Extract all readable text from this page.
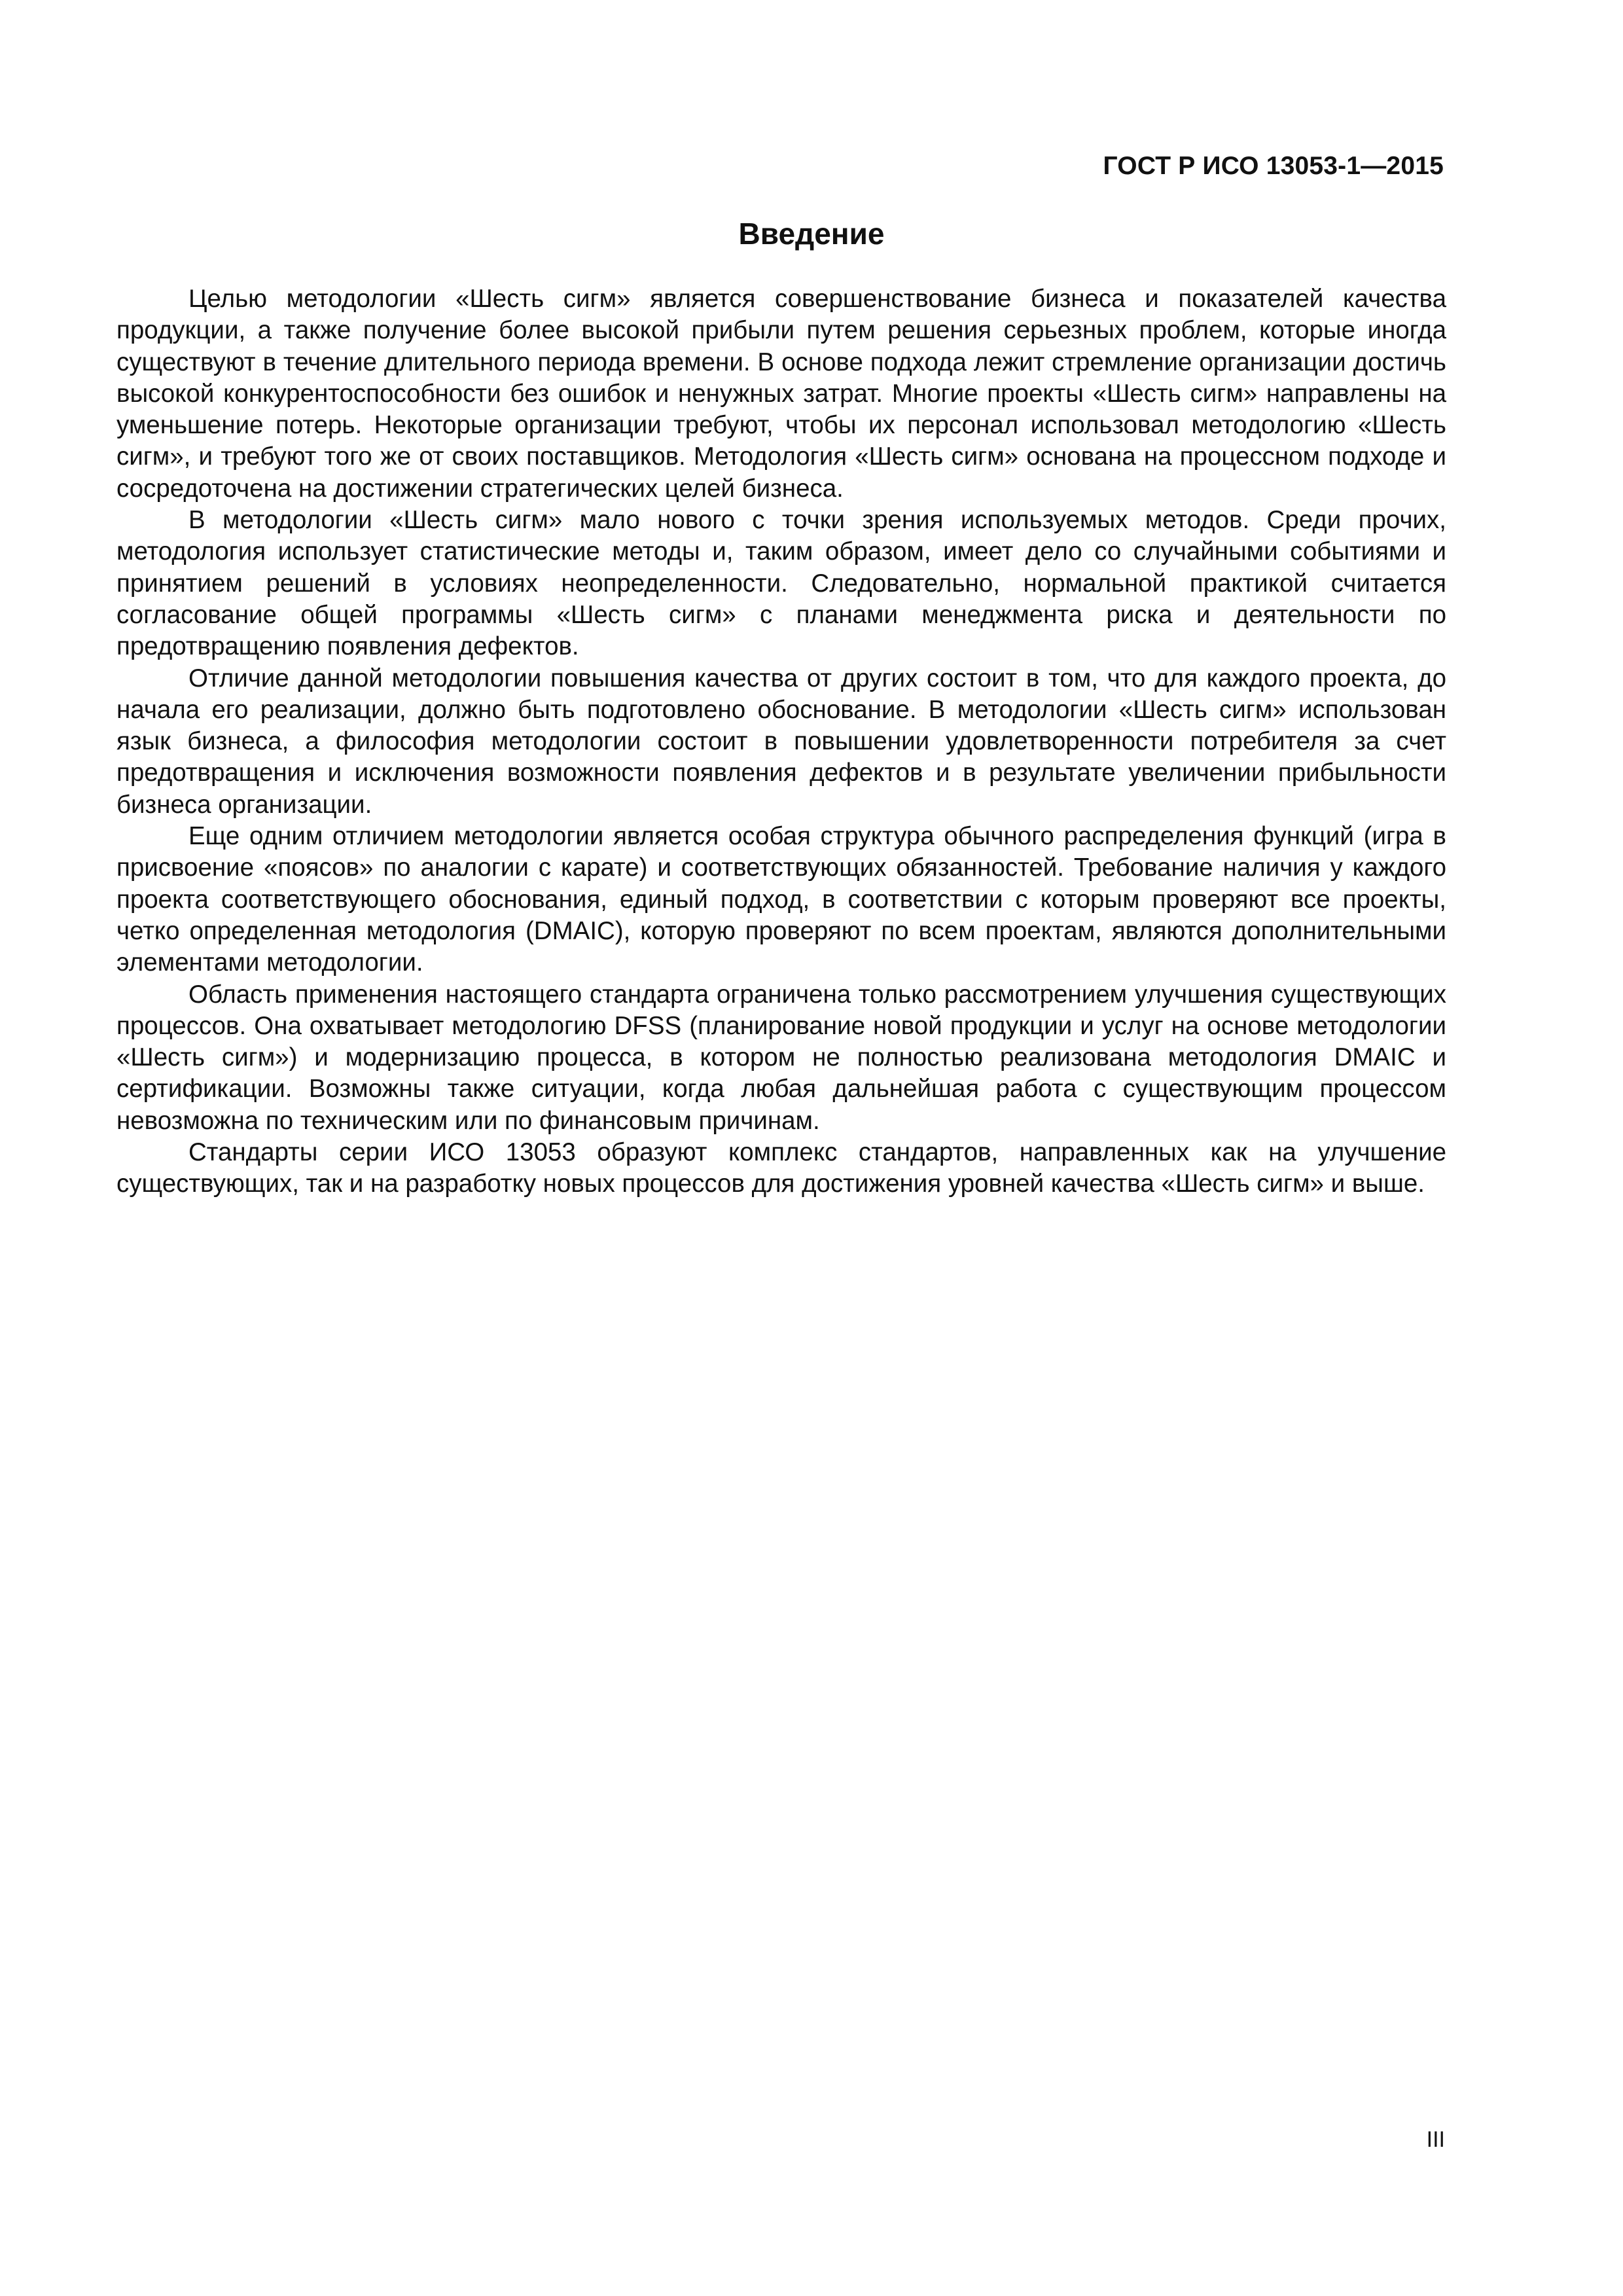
ГОСТ Р ИСО 13053-1—2015
Введение

Целью методологии «Шесть сигм» является совершенствование бизнеса и показателей качества продукции, а также получение более высокой прибыли путем решения серьезных проблем, которые иногда существуют в течение длительного периода времени. В основе подхода лежит стремление организации достичь высокой конкурентоспособности без ошибок и ненужных затрат. Многие проекты «Шесть сигм» направлены на уменьшение потерь. Некоторые организации требуют, чтобы их персонал использовал методологию «Шесть сигм», и требуют того же от своих поставщиков. Методология «Шесть сигм» основана на процессном подходе и сосредоточена на достижении стратегических целей бизнеса.

В методологии «Шесть сигм» мало нового с точки зрения используемых методов. Среди прочих, методология использует статистические методы и, таким образом, имеет дело со случайными событиями и принятием решений в условиях неопределенности. Следовательно, нормальной практикой считается согласование общей программы «Шесть сигм» с планами менеджмента риска и деятельности по предотвращению появления дефектов.

Отличие данной методологии повышения качества от других состоит в том, что для каждого проекта, до начала его реализации, должно быть подготовлено обоснование. В методологии «Шесть сигм» использован язык бизнеса, а философия методологии состоит в повышении удовлетворенности потребителя за счет предотвращения и исключения возможности появления дефектов и в результате увеличении прибыльности бизнеса организации.

Еще одним отличием методологии является особая структура обычного распределения функций (игра в присвоение «поясов» по аналогии с карате) и соответствующих обязанностей. Требование наличия у каждого проекта соответствующего обоснования, единый подход, в соответствии с которым проверяют все проекты, четко определенная методология (DMAIC), которую проверяют по всем проектам, являются дополнительными элементами методологии.

Область применения настоящего стандарта ограничена только рассмотрением улучшения существующих процессов. Она охватывает методологию DFSS (планирование новой продукции и услуг на основе методологии «Шесть сигм») и модернизацию процесса, в котором не полностью реализована методология DMAIC и сертификации. Возможны также ситуации, когда любая дальнейшая работа с существующим процессом невозможна по техническим или по финансовым причинам.

Стандарты серии ИСО 13053 образуют комплекс стандартов, направленных как на улучшение существующих, так и на разработку новых процессов для достижения уровней качества «Шесть сигм» и выше.

III
